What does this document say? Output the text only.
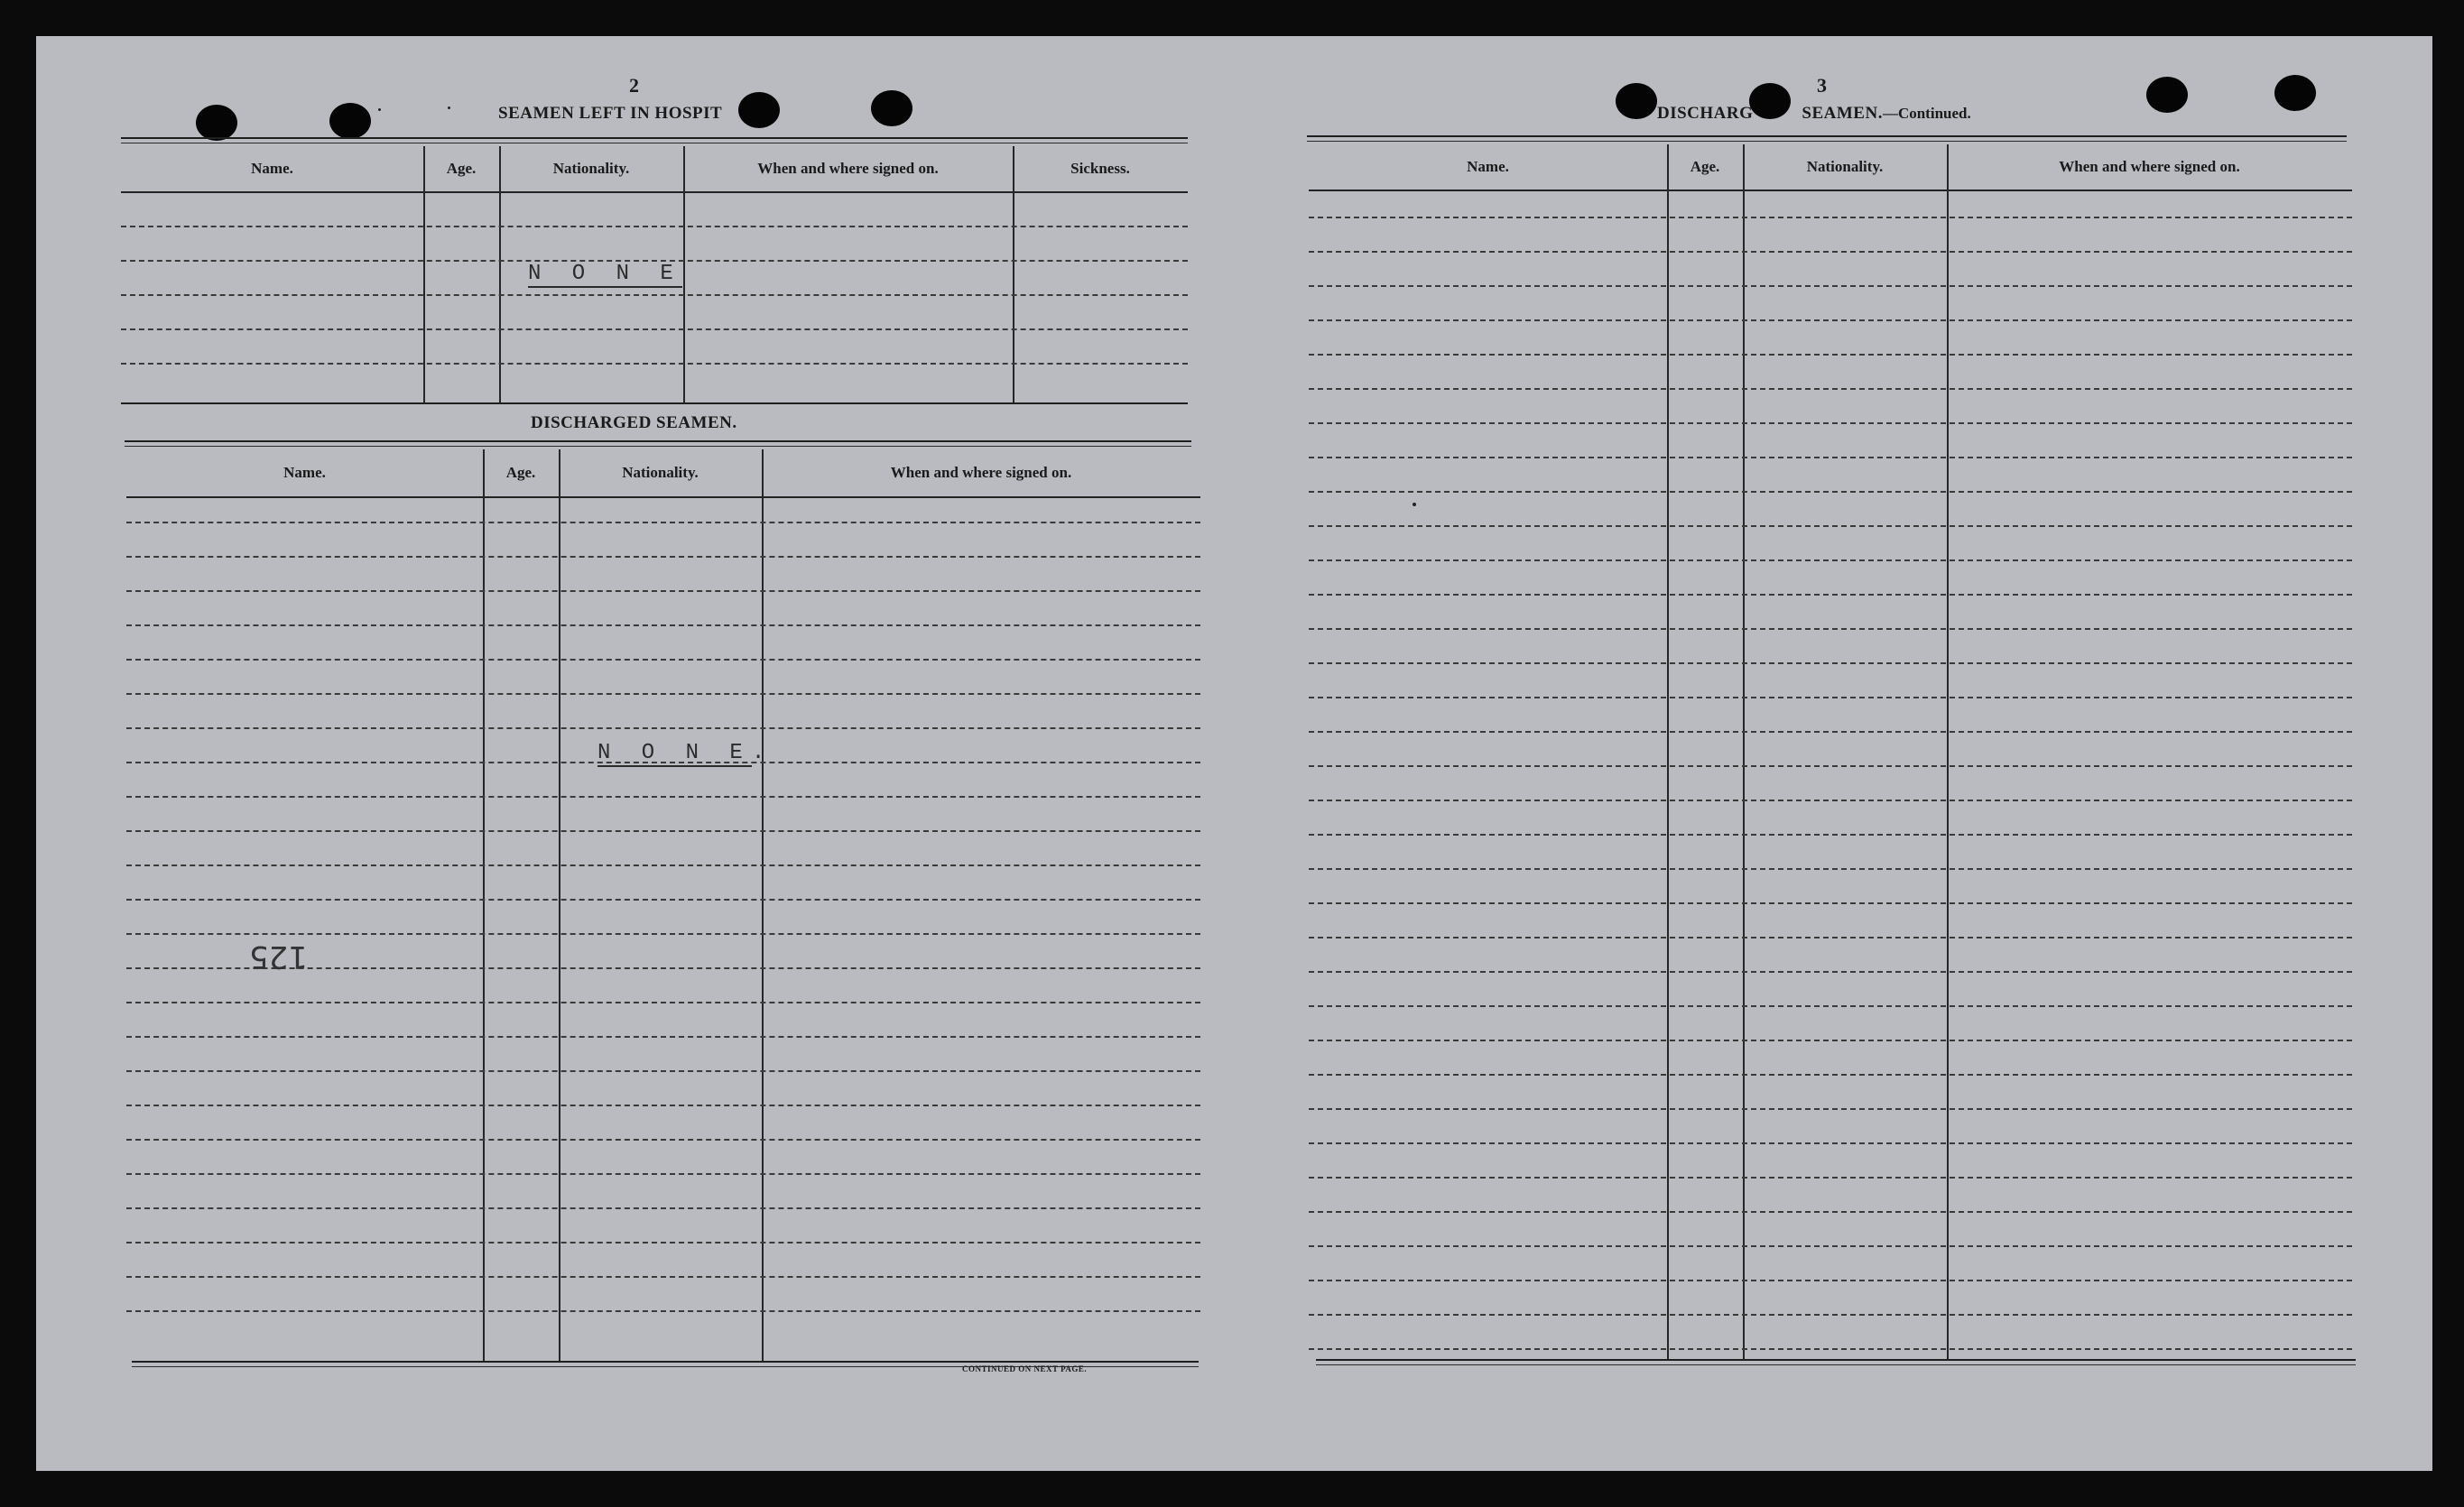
2
SEAMEN LEFT IN HOSPIT
Name.	Age.	Nationality.	When and where signed on.	Sickness.
N O N E
DISCHARGED SEAMEN.
Name.	Age.	Nationality.	When and where signed on.
N O N E.
125
CONTINUED ON NEXT PAGE.
3
DISCHARG	SEAMEN.—Continued.
Name.	Age.	Nationality.	When and where signed on.
